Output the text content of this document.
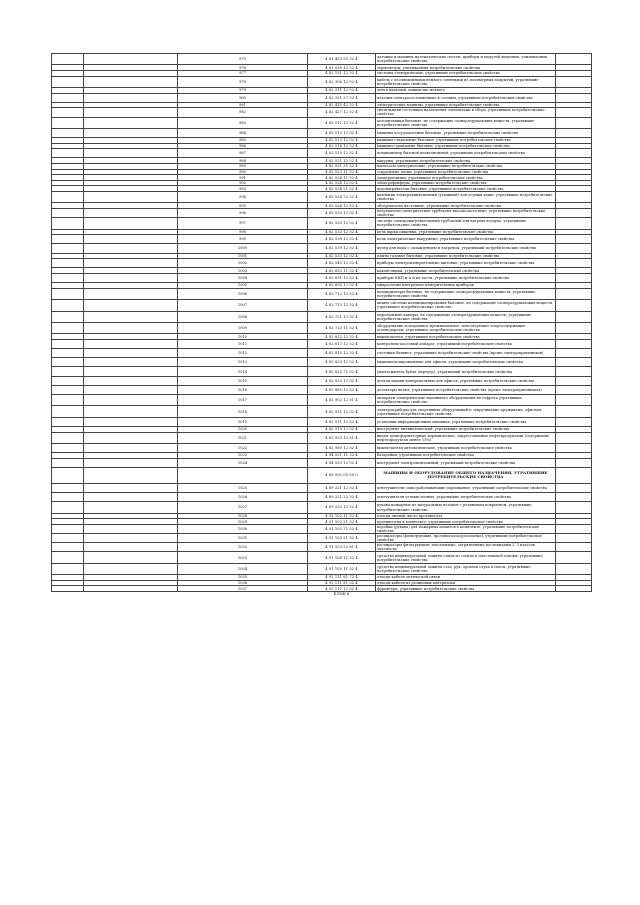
		975	4 81 453 93 52 4	датчики и машины математических систем, приборы и модулей видеовых, учитываемых потребительские свойства	
		976	4 81 555 12 52 4	термометры, учитываемых потребительские свойства	
		977	4 82 151 12 52 4	системы электрические, утратившие потребительские свойства	
		978	4 82 306 12 52 4	кабель с изоляционными немного сменными из полимерных покрытий, утратившие потребительские свойства	
		979	4 82 311 12 52 4	лента вдающей зажимстве медного	
		980	4 82 351 27 52 4	изделия электросостоименные в сотовых, утратившие потребительских свойства	
		981	4 82 415 42 52 4	электрические машины, утратившие потребительские свойства	
		982	4 82 427 12 52 4	светильники состоящих назначения элементами в сборе, утратившие потребительские свойства	
		983	4 82 511 12 52 4	холодильники бытовые, не содержащие озоноразрушающих веществ, утратившие потребительские свойства	
		984	4 82 512 12 52 4	машины посудомоечные бытовые, утратившие потребительские свойства	
		985	4 82 513 12 52 4	машины стиральные бытовые, утратившие потребительские свойства	
		986	4 82 514 12 52 4	машины сушильные бытовые, утратившие потребительские свойства	
		987	4 82 515 12 52 4	кондиционер бытовой неавтономный, утратившие потребительские свойства	
		988	4 82 521 12 52 4	вакуумы, утратившие потребительские свойства	
		989	4 82 521 31 52 4	пылесосы электрические, утратившие потребительские свойства	
		990	4 82 523 11 52 4	стиральные доски, утратившие потребительские свойства	
		991	4 82 524 11 52 4	электроплитки, утратившие потребительские свойства	
		992	4 82 524 12 52 4	электрофенферы, утратившие потребительские свойства	
		993	4 82 524 21 52 4	водонагреватели бытовые, утратившие потребительские свойства	
		994	4 82 524 72 52 4	паяльник электрокипятильный (утюжный) для осушки кожи, утратившие потребительские свойства	
		995	4 82 526 12 52 4	обогреватели настенные, утратившие потребительские свойства	
		996	4 82 529 12 52 4	нагреватели электрические трубчатые высокочастотные, утратившие потребительские свойства	
		997	4 82 529 12 52 4	система электронагревательный трубчатый для нагрева воздуха, утратившие потребительские свойства	
		998	4 82 532 12 52 4	печь варки пищевых, утратившие потребительские свойства	
		999	4 82 538 12 52 4	печь электрические вакуумные, утратившие потребительские свойства	
		1000	4 82 539 12 52 4	кулер для воды с охлаждением и нагревом, утративший потребительские свойства	
		1001	4 82 533 12 52 4	плиты газовые бытовые, утратившие потребительские свойства	
		1002	4 82 543 12 52 4	приборы электроизмерительные щитовые, утратившие потребительские свойства	
		1003	4 82 652 11 52 4	наконечники, утратившие потребительские свойства	
		1004	4 82 691 12 52 4	приборы КИП и А и их части, утратившие потребительские свойства	
		1005	4 82 695 12 52 4	микросхемы контрольно-измерительных приборов	
		1006	4 82 712 12 52 4	кондиционеры бытовые, не содержащие озоноразрушающих веществ, утратившие потребительские свойства	
		1007	4 82 713 12 52 4	шпиль-системы кондиционирования бытовые, не содержащие озоноразрушающих веществ, утратившие потребительские свойства	
		1008	4 82 721 12 52 4	морозильные камеры, не содержащие озоноразрушающих веществ, утратившие потребительские свойства	
		1009	4 82 723 11 52 4	оборудование холодильное промышленное, использующее хлоросодержащие углеводороды, утратившее потребительские свойства	
		1010	4 82 812 12 52 4	выключатели, утратившие потребительские свойства	
		1011	4 82 813 12 52 4	контрольно-кассовый аппарат, утративший потребительские свойства	
		1012	4 82 815 12 52 4	счетчики банкнот, утратившие потребительские свойства (кроме электроприемников)	
		1013	4 82 823 12 52 4	машины копировальные для офисов, утратившие потребительские свойства	
		1014	4 82 825 71 52 4	уничтожитель бумаг (шредер), утративший потребительские свойства	
		1015	4 82 825 12 52 4	детали машин копировальных для офисов, утратившие потребительские свойства	
		1016	4 82 885 12 52 4	детекторы валют, утратившие потребительские свойства (кроме электроприемников)	
		1017	4 82 902 12 51 4	аппараты электрические машинного оборудования не гофрета утратившие потребительские свойства	
		1018	4 82 911 12 52 4	электроприборы для спортивных оборудований и закручивание пружинами, офисная, утратившие потребительские свойства	
		1019	4 82 911 12 52 4	установки информационных машинах, утратившие потребительские свойства	
		1020	4 82 919 12 52 4	инструмент пневматический, утратившие потребительские свойства	
		1021	4 82 925 12 51 4	вводы трансформаторные керамические, запрессованные нефтепродуктами (содержание нефтепродуктов менее 15%)	
		1022	4 82 980 12 52 4	выключатели автоматические, утратившие потребительские свойства	
		1023	4 84 521 11 52 4	батарейки, утратившие потребительские свойства	
		1024	4 84 553 12 52 4	инструмент электромонтажный, утративший потребительские свойства	
			4 89 000 00 00 0	МАШИНЫ И ОБОРУДОВАНИЕ ОБЩЕГО НАЗНАЧЕНИЯ, УТРАТИВШИЕ ПОТРЕБИТЕЛЬСКИЕ СВОЙСТВА	
		1025	4 89 221 12 52 4	огнетушители самосрабатывающие порошковые, утратившие потребительские свойства	
		1026	4 89 221 22 52 4	огнетушители углекислотные, утратившие потребительские свойства	
		1027	4 89 222 12 52 4	рукава пожарные из натуральных волокон с резиновым покрытием, утратившие потребительские свойства	
		1028	4 91 102 11 52 4	отходы личной чисто противогаза	
		1029	4 91 102 21 52 4	противогазы в комплекте, утратившие потребительские свойства	
		1030	4 91 102 71 52 4	коробки (рукава) для пожарных шлангов в комплекте, утратившие потребительские свойства	
		1031	4 91 103 21 52 4	респираторы (фильтрующие, противогазоаэрозольные), утратившие потребительские свойства	
		1032	4 91 103 52 61 4	респираторы фильтрующие текстильные, загрязненные пестицидами 2, 3 классов опасности	
		1033	4 91 104 11 52 4	средства индивидуальной защиты очков из стекла и пластиковой основы, утратившие потребительские свойства	
		1034	4 91 105 11 52 4	средства индивидуальной защиты глаз, рук, органов слуха в смеси, утратившие потребительские свойства	
		1035	4 92 111 81 72 4	отходы кабеля оптической связи	
		1036	4 92 111 81 52 4	отходы кабеля из резиновых материалов	
		1037	4 93 111 12 52 4	фурнитура, утратившие потребительские свойства	
			БЛОК 6		
